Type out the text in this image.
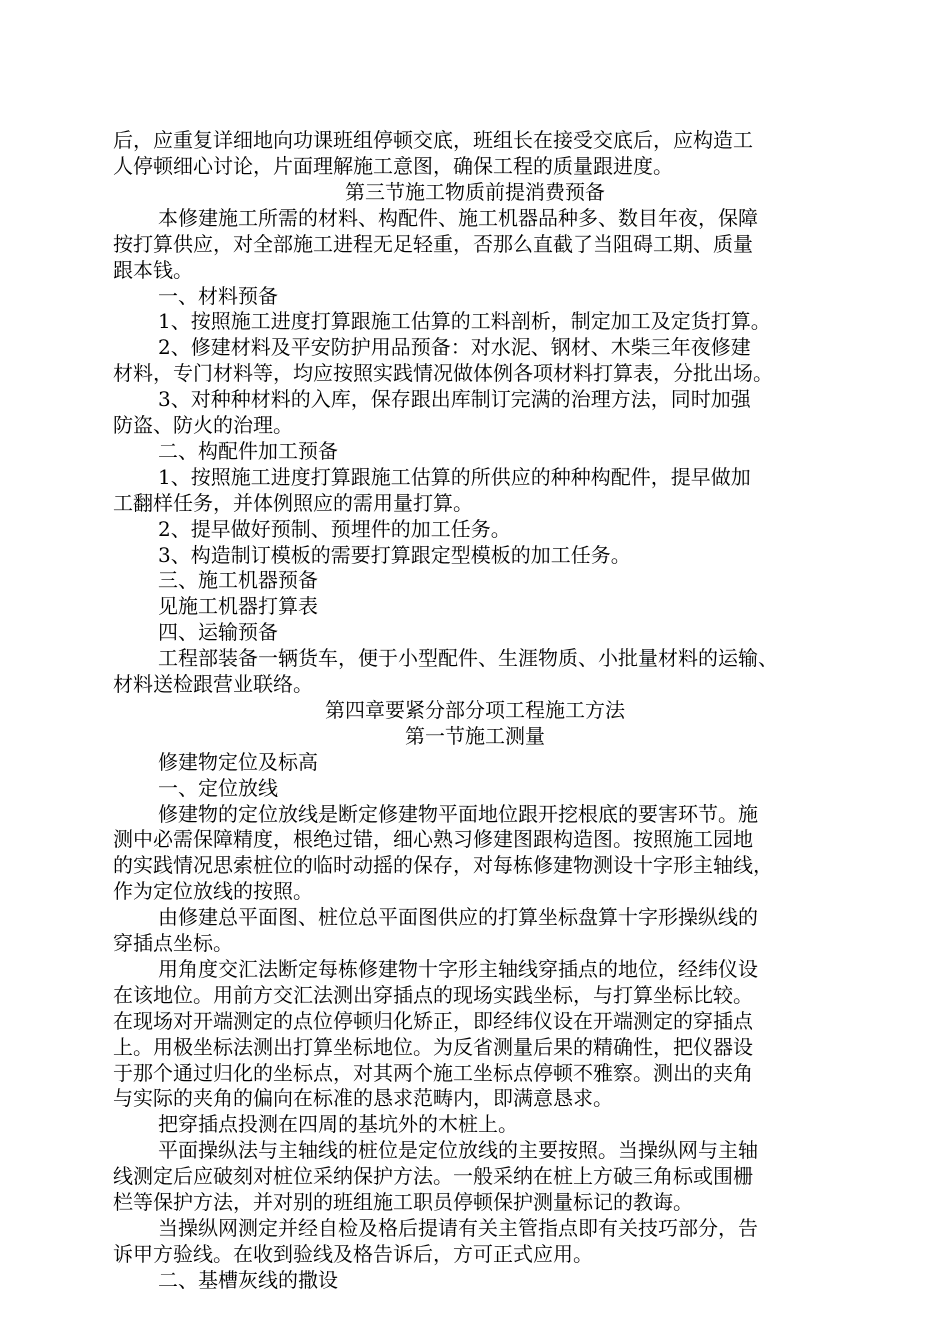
后，应重复详细地向功课班组停顿交底，班组长在接受交底后，应构造工
人停顿细心讨论，片面理解施工意图，确保工程的质量跟进度。
第三节施工物质前提消费预备
本修建施工所需的材料、构配件、施工机器品种多、数目年夜，保障
按打算供应，对全部施工进程无足轻重，否那么直截了当阻碍工期、质量
跟本钱。
一、材料预备
1、按照施工进度打算跟施工估算的工料剖析，制定加工及定货打算。
2、修建材料及平安防护用品预备：对水泥、钢材、木柴三年夜修建
材料，专门材料等，均应按照实践情况做体例各项材料打算表，分批出场。
3、对种种材料的入库，保存跟出库制订完满的治理方法，同时加强
防盗、防火的治理。
二、构配件加工预备
1、按照施工进度打算跟施工估算的所供应的种种构配件，提早做加
工翻样任务，并体例照应的需用量打算。
2、提早做好预制、预埋件的加工任务。
3、构造制订模板的需要打算跟定型模板的加工任务。
三、施工机器预备
见施工机器打算表
四、运输预备
工程部装备一辆货车，便于小型配件、生涯物质、小批量材料的运输、
材料送检跟营业联络。
第四章要紧分部分项工程施工方法
第一节施工测量
修建物定位及标高
一、定位放线
修建物的定位放线是断定修建物平面地位跟开挖根底的要害环节。施
测中必需保障精度，根绝过错，细心熟习修建图跟构造图。按照施工园地
的实践情况思索桩位的临时动摇的保存，对每栋修建物测设十字形主轴线，
作为定位放线的按照。
由修建总平面图、桩位总平面图供应的打算坐标盘算十字形操纵线的
穿插点坐标。
用角度交汇法断定每栋修建物十字形主轴线穿插点的地位，经纬仪设
在该地位。用前方交汇法测出穿插点的现场实践坐标，与打算坐标比较。
在现场对开端测定的点位停顿归化矫正，即经纬仪设在开端测定的穿插点
上。用极坐标法测出打算坐标地位。为反省测量后果的精确性，把仪器设
于那个通过归化的坐标点，对其两个施工坐标点停顿不雅察。测出的夹角
与实际的夹角的偏向在标准的恳求范畴内，即满意恳求。
把穿插点投测在四周的基坑外的木桩上。
平面操纵法与主轴线的桩位是定位放线的主要按照。当操纵网与主轴
线测定后应破刻对桩位采纳保护方法。一般采纳在桩上方破三角标或围栅
栏等保护方法，并对别的班组施工职员停顿保护测量标记的教诲。
当操纵网测定并经自检及格后提请有关主管指点即有关技巧部分，告
诉甲方验线。在收到验线及格告诉后，方可正式应用。
二、基槽灰线的撒设
